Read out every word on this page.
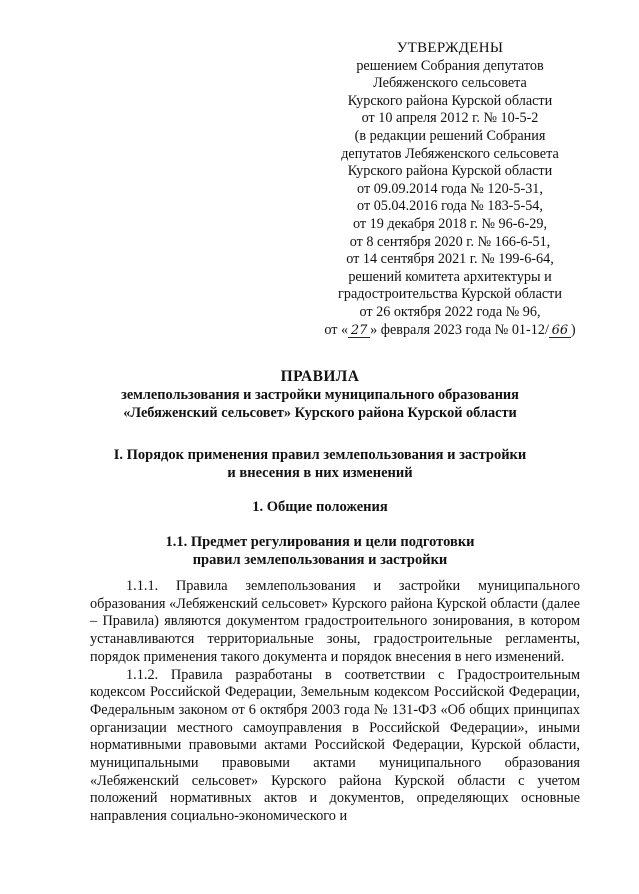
УТВЕРЖДЕНЫ
решением Собрания депутатов
Лебяженского сельсовета
Курского района Курской области
от 10 апреля 2012 г. № 10-5-2
(в редакции решений Собрания
депутатов Лебяженского сельсовета
Курского района Курской области
от 09.09.2014 года № 120-5-31,
от 05.04.2016 года № 183-5-54,
от 19 декабря 2018 г. № 96-6-29,
от 8 сентября 2020 г. № 166-6-51,
от 14 сентября 2021 г. № 199-6-64,
решений комитета архитектуры и
градостроительства Курской области
от 26 октября 2022 года № 96,
от « 27 » февраля 2023 года № 01-12/ 66 )
ПРАВИЛА
землепользования и застройки муниципального образования
«Лебяженский сельсовет» Курского района Курской области
I. Порядок применения правил землепользования и застройки
и внесения в них изменений
1. Общие положения
1.1. Предмет регулирования и цели подготовки
правил землепользования и застройки

1.1.1. Правила землепользования и застройки муниципального образования «Лебяженский сельсовет» Курского района Курской области (далее – Правила) являются документом градостроительного зонирования, в котором устанавливаются территориальные зоны, градостроительные регламенты, порядок применения такого документа и порядок внесения в него изменений.

1.1.2. Правила разработаны в соответствии с Градостроительным кодексом Российской Федерации, Земельным кодексом Российской Федерации, Федеральным законом от 6 октября 2003 года № 131-ФЗ «Об общих принципах организации местного самоуправления в Российской Федерации», иными нормативными правовыми актами Российской Федерации, Курской области, муниципальными правовыми актами муниципального образования «Лебяженский сельсовет» Курского района Курской области с учетом положений нормативных актов и документов, определяющих основные направления социально-экономического и
